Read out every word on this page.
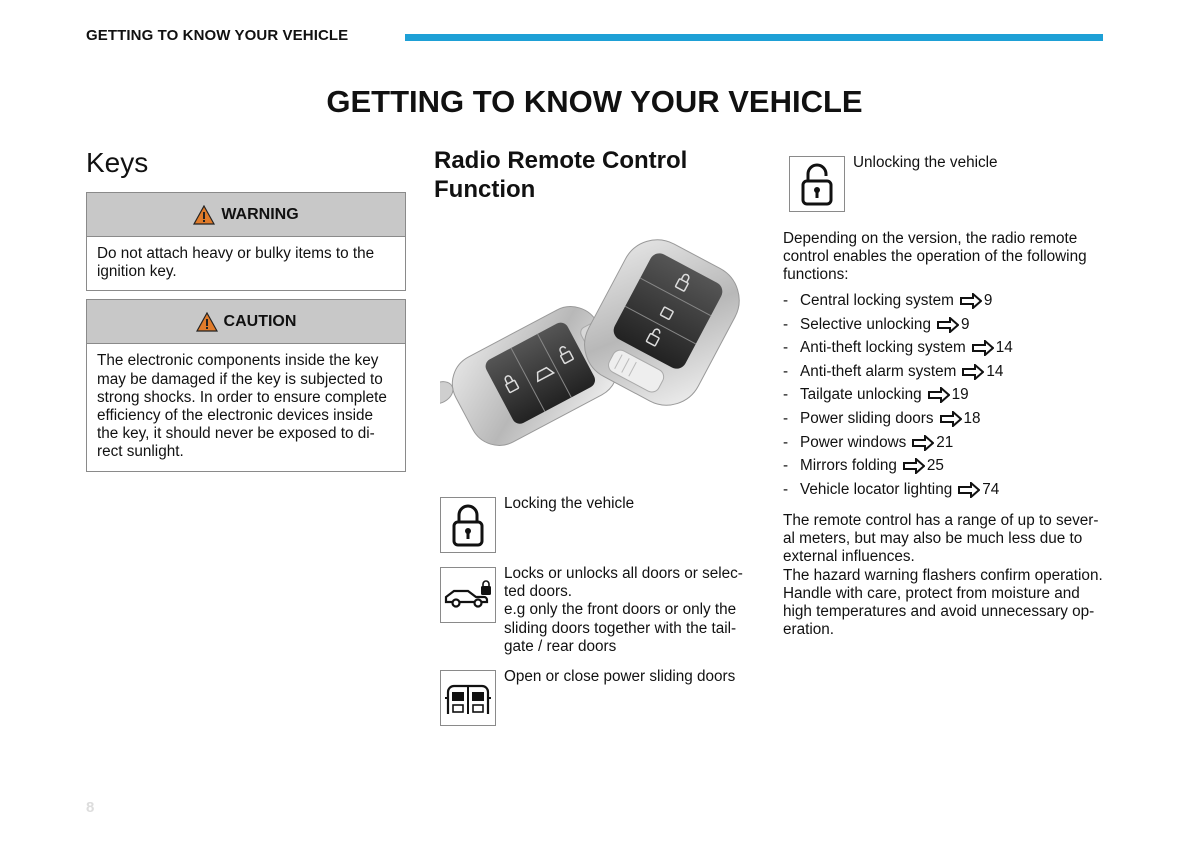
GETTING TO KNOW YOUR VEHICLE
GETTING TO KNOW YOUR VEHICLE
Keys
WARNING
Do not attach heavy or bulky items to the ignition key.
CAUTION
The electronic components inside the key
may be damaged if the key is subjected to
strong shocks. In order to ensure complete
efficiency of the electronic devices inside
the key, it should never be exposed to di-
rect sunlight.
Radio Remote Control
Function
Locking the vehicle
Locks or unlocks all doors or selec-
ted doors.
e.g only the front doors or only the
sliding doors together with the tail-
gate / rear doors
Open or close power sliding doors
Unlocking the vehicle
Depending on the version, the radio remote
control enables the operation of the following
functions:
- Central locking system 9
- Selective unlocking 9
- Anti-theft locking system 14
- Anti-theft alarm system 14
- Tailgate unlocking 19
- Power sliding doors 18
- Power windows 21
- Mirrors folding 25
- Vehicle locator lighting 74
The remote control has a range of up to sever-
al meters, but may also be much less due to
external influences.
The hazard warning flashers confirm operation.
Handle with care, protect from moisture and
high temperatures and avoid unnecessary op-
eration.
8
